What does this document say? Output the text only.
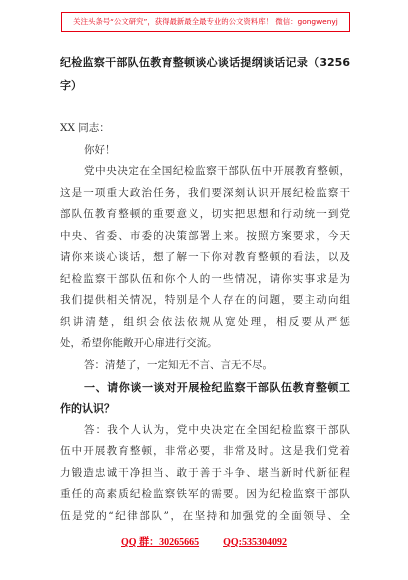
关注头条号“公文研究”，获得最新最全最专业的公文资料库！ 微信：gongwenyj
纪检监察干部队伍教育整顿谈心谈话提纲谈话记录（3256
字）
XX 同志：
你好！
党中央决定在全国纪检监察干部队伍中开展教育整顿，
这是一项重大政治任务，我们要深刻认识开展纪检监察干
部队伍教育整顿的重要意义，切实把思想和行动统一到党
中央、省委、市委的决策部署上来。按照方案要求，今天
请你来谈心谈话，想了解一下你对教育整顿的看法，以及
纪检监察干部队伍和你个人的一些情况，请你实事求是为
我们提供相关情况，特别是个人存在的问题，要主动向组
织讲清楚，组织会依法依规从宽处理，相反要从严惩
处，希望你能敞开心扉进行交流。
答：清楚了，一定知无不言、言无不尽。
一、请你谈一谈对开展检纪监察干部队伍教育整顿工
作的认识？
答：我个人认为，党中央决定在全国纪检监察干部队
伍中开展教育整顿，非常必要，非常及时。这是我们党着
力锻造忠诚干净担当、敢于善于斗争、堪当新时代新征程
重任的高素质纪检监察铁军的需要。因为纪检监察干部队
伍是党的“纪律部队”，在坚持和加强党的全面领导、全
QQ 群：30265665 QQ:535304092
